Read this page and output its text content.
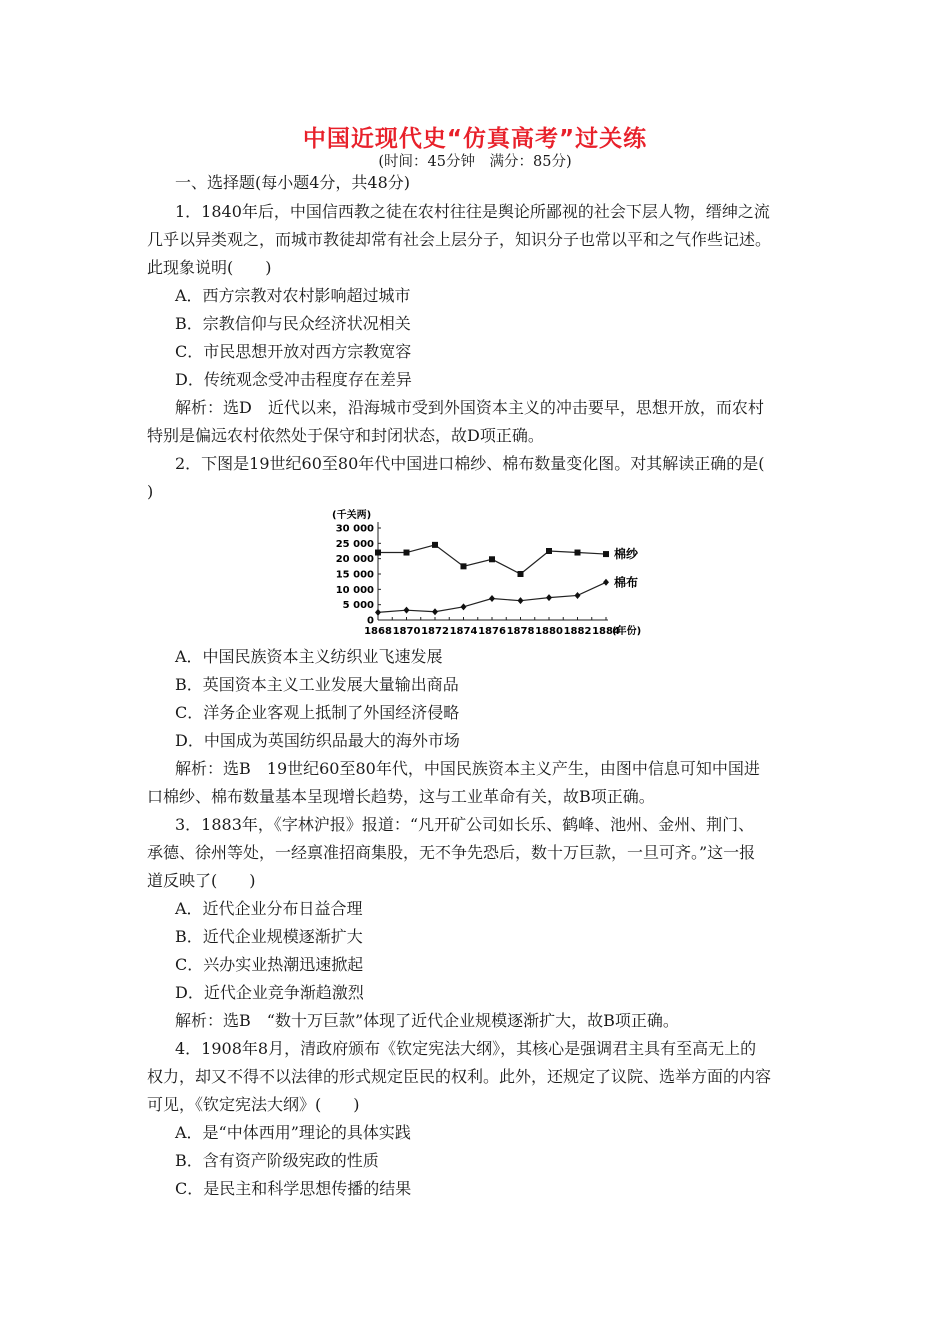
中国近现代史“仿真高考”过关练
(时间：45分钟　满分：85分)
一、选择题(每小题4分，共48分)
1．1840年后，中国信西教之徒在农村往往是舆论所鄙视的社会下层人物，缙绅之流
几乎以异类观之，而城市教徒却常有社会上层分子，知识分子也常以平和之气作些记述。
此现象说明(　　)
A．西方宗教对农村影响超过城市
B．宗教信仰与民众经济状况相关
C．市民思想开放对西方宗教宽容
D．传统观念受冲击程度存在差异
解析：选D　近代以来，沿海城市受到外国资本主义的冲击要早，思想开放，而农村
特别是偏远农村依然处于保守和封闭状态，故D项正确。
2．下图是19世纪60至80年代中国进口棉纱、棉布数量变化图。对其解读正确的是(
)
(千关两)
30 000
25 000
20 000
15 000
10 000
5 000
0
1868 1870 1872 1874 1876 1878 1880 1882 1884
(年份)
棉纱
棉布
A．中国民族资本主义纺织业飞速发展
B．英国资本主义工业发展大量输出商品
C．洋务企业客观上抵制了外国经济侵略
D．中国成为英国纺织品最大的海外市场
解析：选B　19世纪60至80年代，中国民族资本主义产生，由图中信息可知中国进
口棉纱、棉布数量基本呈现增长趋势，这与工业革命有关，故B项正确。
3．1883年，《字林沪报》报道：“凡开矿公司如长乐、鹤峰、池州、金州、荆门、
承德、徐州等处，一经禀准招商集股，无不争先恐后，数十万巨款，一旦可齐。”这一报
道反映了(　　)
A．近代企业分布日益合理
B．近代企业规模逐渐扩大
C．兴办实业热潮迅速掀起
D．近代企业竞争渐趋激烈
解析：选B　“数十万巨款”体现了近代企业规模逐渐扩大，故B项正确。
4．1908年8月，清政府颁布《钦定宪法大纲》，其核心是强调君主具有至高无上的
权力，却又不得不以法律的形式规定臣民的权利。此外，还规定了议院、选举方面的内容
可见，《钦定宪法大纲》(　　)
A．是“中体西用”理论的具体实践
B．含有资产阶级宪政的性质
C．是民主和科学思想传播的结果
